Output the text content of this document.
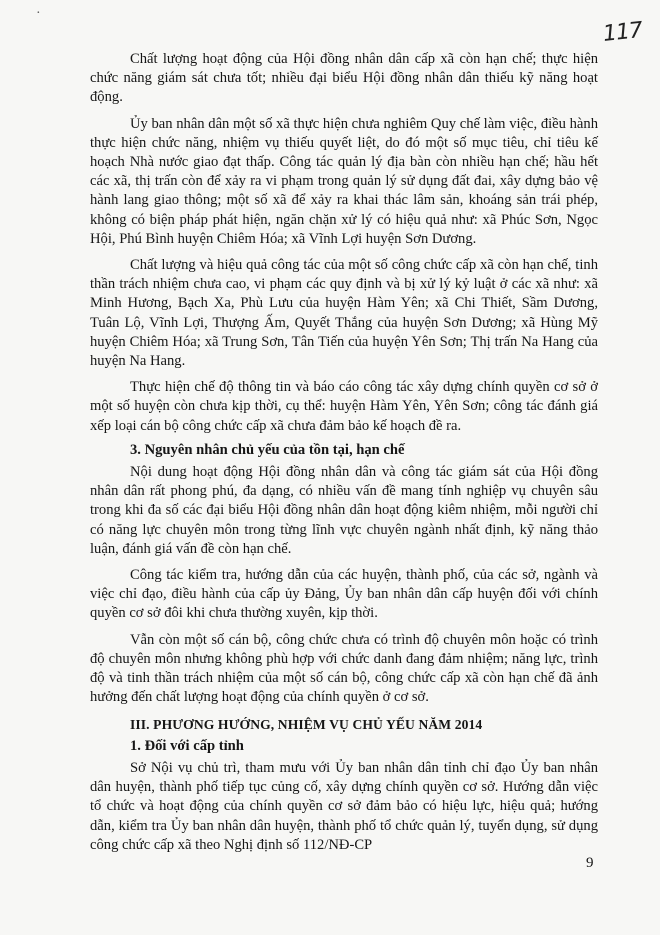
·
117

Chất lượng hoạt động của Hội đồng nhân dân cấp xã còn hạn chế; thực hiện chức năng giám sát chưa tốt; nhiều đại biểu Hội đồng nhân dân thiếu kỹ năng hoạt động.

Ủy ban nhân dân một số xã thực hiện chưa nghiêm Quy chế làm việc, điều hành thực hiện chức năng, nhiệm vụ thiếu quyết liệt, do đó một số mục tiêu, chỉ tiêu kế hoạch Nhà nước giao đạt thấp. Công tác quản lý địa bàn còn nhiều hạn chế; hầu hết các xã, thị trấn còn để xảy ra vi phạm trong quản lý sử dụng đất đai, xây dựng bảo vệ hành lang giao thông; một số xã để xảy ra khai thác lâm sản, khoáng sản trái phép, không có biện pháp phát hiện, ngăn chặn xử lý có hiệu quả như: xã Phúc Sơn, Ngọc Hội, Phú Bình huyện Chiêm Hóa; xã Vĩnh Lợi huyện Sơn Dương.

Chất lượng và hiệu quả công tác của một số công chức cấp xã còn hạn chế, tinh thần trách nhiệm chưa cao, vi phạm các quy định và bị xử lý kỷ luật ở các xã như: xã Minh Hương, Bạch Xa, Phù Lưu của huyện Hàm Yên; xã Chi Thiết, Sầm Dương, Tuân Lộ, Vĩnh Lợi, Thượng Ấm, Quyết Thắng của huyện Sơn Dương; xã Hùng Mỹ huyện Chiêm Hóa; xã Trung Sơn, Tân Tiến của huyện Yên Sơn; Thị trấn Na Hang của huyện Na Hang.

Thực hiện chế độ thông tin và báo cáo công tác xây dựng chính quyền cơ sở ở một số huyện còn chưa kịp thời, cụ thể: huyện Hàm Yên, Yên Sơn; công tác đánh giá xếp loại cán bộ công chức cấp xã chưa đảm bảo kế hoạch đề ra.

3. Nguyên nhân chủ yếu của tồn tại, hạn chế

Nội dung hoạt động Hội đồng nhân dân và công tác giám sát của Hội đồng nhân dân rất phong phú, đa dạng, có nhiều vấn đề mang tính nghiệp vụ chuyên sâu trong khi đa số các đại biểu Hội đồng nhân dân hoạt động kiêm nhiệm, mỗi người chỉ có năng lực chuyên môn trong từng lĩnh vực chuyên ngành nhất định, kỹ năng thảo luận, đánh giá vấn đề còn hạn chế.

Công tác kiểm tra, hướng dẫn của các huyện, thành phố, của các sở, ngành và việc chỉ đạo, điều hành của cấp ủy Đảng, Ủy ban nhân dân cấp huyện đối với chính quyền cơ sở đôi khi chưa thường xuyên, kịp thời.

Vẫn còn một số cán bộ, công chức chưa có trình độ chuyên môn hoặc có trình độ chuyên môn nhưng không phù hợp với chức danh đang đảm nhiệm; năng lực, trình độ và tinh thần trách nhiệm của một số cán bộ, công chức cấp xã còn hạn chế đã ảnh hưởng đến chất lượng hoạt động của chính quyền ở cơ sở.

III. PHƯƠNG HƯỚNG, NHIỆM VỤ CHỦ YẾU NĂM 2014
1. Đối với cấp tỉnh

Sở Nội vụ chủ trì, tham mưu với Ủy ban nhân dân tỉnh chỉ đạo Ủy ban nhân dân huyện, thành phố tiếp tục củng cố, xây dựng chính quyền cơ sở. Hướng dẫn việc tổ chức và hoạt động của chính quyền cơ sở đảm bảo có hiệu lực, hiệu quả; hướng dẫn, kiểm tra Ủy ban nhân dân huyện, thành phố tổ chức quản lý, tuyển dụng, sử dụng công chức cấp xã theo Nghị định số 112/NĐ-CP

9
